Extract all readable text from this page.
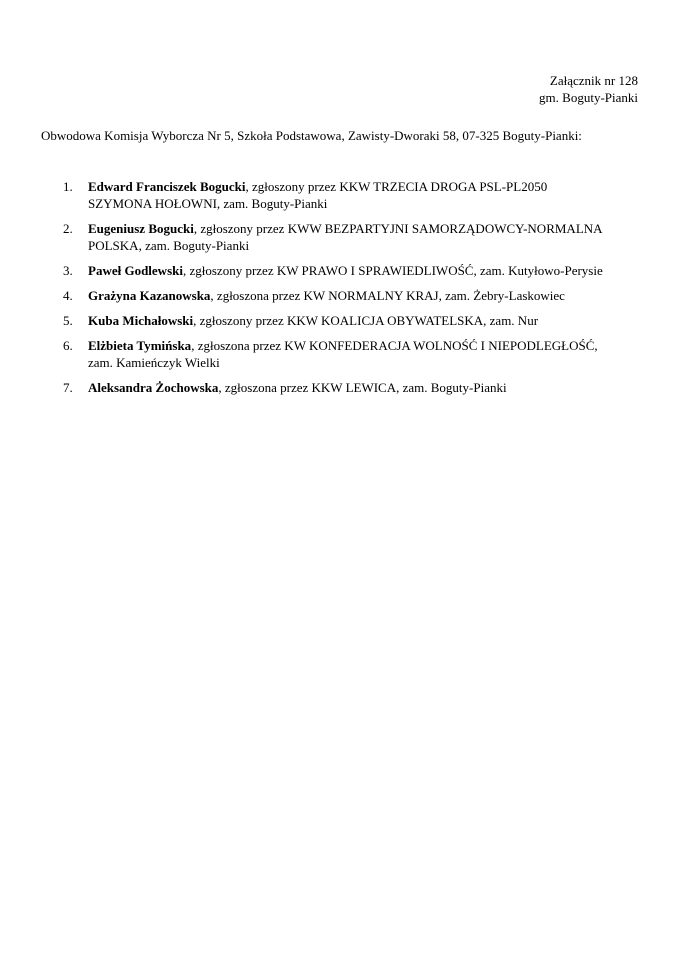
Załącznik nr 128
gm. Boguty-Pianki
Obwodowa Komisja Wyborcza Nr 5, Szkoła Podstawowa, Zawisty-Dworaki 58, 07-325 Boguty-Pianki:
1.	Edward Franciszek Bogucki, zgłoszony przez KKW TRZECIA DROGA PSL-PL2050
SZYMONA HOŁOWNI, zam. Boguty-Pianki
2.	Eugeniusz Bogucki, zgłoszony przez KWW BEZPARTYJNI SAMORZĄDOWCY-NORMALNA
POLSKA, zam. Boguty-Pianki
3.	Paweł Godlewski, zgłoszony przez KW PRAWO I SPRAWIEDLIWOŚĆ, zam. Kutyłowo-Perysie
4.	Grażyna Kazanowska, zgłoszona przez KW NORMALNY KRAJ, zam. Żebry-Laskowiec
5.	Kuba Michałowski, zgłoszony przez KKW KOALICJA OBYWATELSKA, zam. Nur
6.	Elżbieta Tymińska, zgłoszona przez KW KONFEDERACJA WOLNOŚĆ I NIEPODLEGŁOŚĆ,
zam. Kamieńczyk Wielki
7.	Aleksandra Żochowska, zgłoszona przez KKW LEWICA, zam. Boguty-Pianki
